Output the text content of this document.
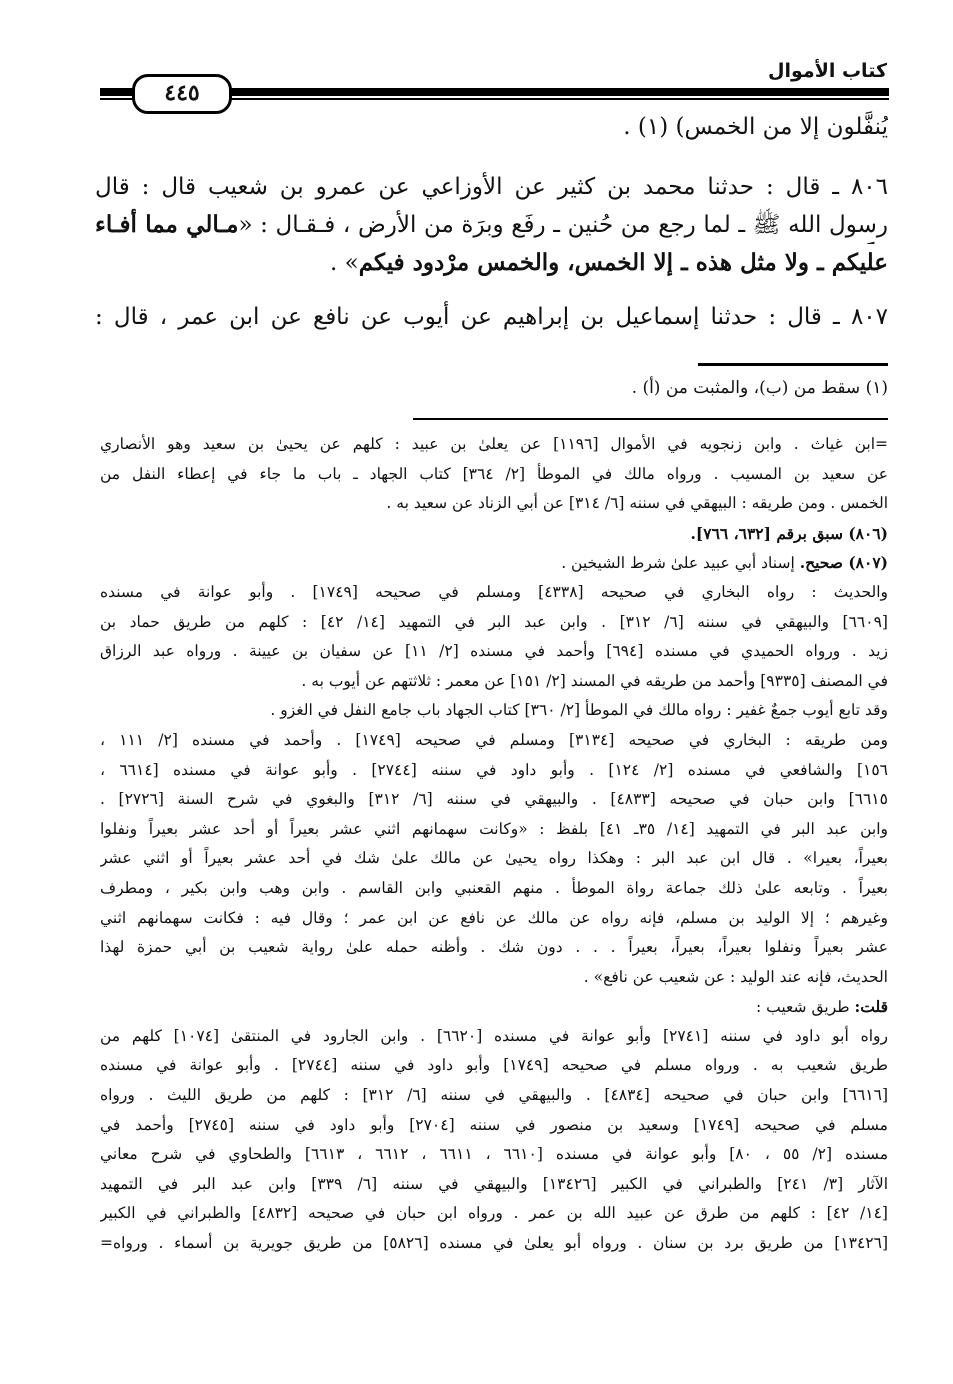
كتاب الأموال
٤٤٥
يُنفَّلون إلا من الخمس) (١) .
٨٠٦ ـ قال : حدثنا محمد بن كثير عن الأوزاعي عن عمرو بن شعيب قال : قال
رسول الله ﷺ ـ لما رجع من حُنين ـ رفَع وبرَة من الأرض ، فـقـال : «مـالي مما أفـاء
عليكم ـ ولا مثل هذه ـ إلا الخمس، والخمس مرْدود فيكم» .
٨٠٧ ـ قال : حدثنا إسماعيل بن إبراهيم عن أيوب عن نافع عن ابن عمر ، قال :
(١) سقط من (ب)، والمثبت من (أ) .
=ابن غياث . وابن زنجويه في الأموال [١١٩٦] عن يعلىٰ بن عبيد : كلهم عن يحيىٰ بن سعيد وهو الأنصاري
عن سعيد بن المسيب . ورواه مالك في الموطأ [٢/ ٣٦٤] كتاب الجهاد ـ باب ما جاء في إعطاء النفل من
الخمس . ومن طريقه : البيهقي في سننه [٦/ ٣١٤] عن أبي الزناد عن سعيد به .
(٨٠٦) سبق برقم [٦٣٢، ٧٦٦].
(٨٠٧) صحيح. إسناد أبي عبيد علىٰ شرط الشيخين .
والحديث : رواه البخاري في صحيحه [٤٣٣٨] ومسلم في صحيحه [١٧٤٩] . وأبو عوانة في مسنده
[٦٦٠٩] والبيهقي في سننه [٦/ ٣١٢] . وابن عبد البر في التمهيد [١٤/ ٤٢] : كلهم من طريق حماد بن
زيد . ورواه الحميدي في مسنده [٦٩٤] وأحمد في مسنده [٢/ ١١] عن سفيان بن عيينة . ورواه عبد الرزاق
في المصنف [٩٣٣٥] وأحمد من طريقه في المسند [٢/ ١٥١] عن معمر : ثلاثتهم عن أيوب به .
وقد تابع أيوب جمعٌ غفير : رواه مالك في الموطأ [٢/ ٣٦٠] كتاب الجهاد باب جامع النفل في الغزو .
ومن طريقه : البخاري في صحيحه [٣١٣٤] ومسلم في صحيحه [١٧٤٩] . وأحمد في مسنده [٢/ ١١١ ،
١٥٦] والشافعي في مسنده [٢/ ١٢٤] . وأبو داود في سننه [٢٧٤٤] . وأبو عوانة في مسنده [٦٦١٤ ،
٦٦١٥] وابن حبان في صحيحه [٤٨٣٣] . والبيهقي في سننه [٦/ ٣١٢] والبغوي في شرح السنة [٢٧٢٦] .
وابن عبد البر في التمهيد [١٤/ ٣٥ـ ٤١] بلفظ : «وكانت سهمانهم اثني عشر بعيراً أو أحد عشر بعيراً ونفلوا
بعيراً، بعيرا» . قال ابن عبد البر : وهكذا رواه يحيىٰ عن مالك علىٰ شك في أحد عشر بعيراً أو اثني عشر
بعيراً . وتابعه علىٰ ذلك جماعة رواة الموطأ . منهم القعنبي وابن القاسم . وابن وهب وابن بكير ، ومطرف
وغيرهم ؛ إلا الوليد بن مسلم، فإنه رواه عن مالك عن نافع عن ابن عمر ؛ وقال فيه : فكانت سهمانهم اثني
عشر بعيراً ونفلوا بعيراً، بعيراً، بعيراً . . . دون شك . وأظنه حمله علىٰ رواية شعيب بن أبي حمزة لهذا
الحديث، فإنه عند الوليد : عن شعيب عن نافع» .
قلت: طريق شعيب :
رواه أبو داود في سننه [٢٧٤١] وأبو عوانة في مسنده [٦٦٢٠] . وابن الجارود في المنتقىٰ [١٠٧٤] كلهم من
طريق شعيب به . ورواه مسلم في صحيحه [١٧٤٩] وأبو داود في سننه [٢٧٤٤] . وأبو عوانة في مسنده
[٦٦١٦] وابن حبان في صحيحه [٤٨٣٤] . والبيهقي في سننه [٦/ ٣١٢] : كلهم من طريق الليث . ورواه
مسلم في صحيحه [١٧٤٩] وسعيد بن منصور في سننه [٢٧٠٤] وأبو داود في سننه [٢٧٤٥] وأحمد في
مسنده [٢/ ٥٥ ، ٨٠] وأبو عوانة في مسنده [٦٦١٠ ، ٦٦١١ ، ٦٦١٢ ، ٦٦١٣] والطحاوي في شرح معاني
الآثار [٣/ ٢٤١] والطبراني في الكبير [١٣٤٢٦] والبيهقي في سننه [٦/ ٣٣٩] وابن عبد البر في التمهيد
[١٤/ ٤٢] : كلهم من طرق عن عبيد الله بن عمر . ورواه ابن حبان في صحيحه [٤٨٣٢] والطبراني في الكبير
[١٣٤٢٦] من طريق برد بن سنان . ورواه أبو يعلىٰ في مسنده [٥٨٢٦] من طريق جويرية بن أسماء . ورواه=
